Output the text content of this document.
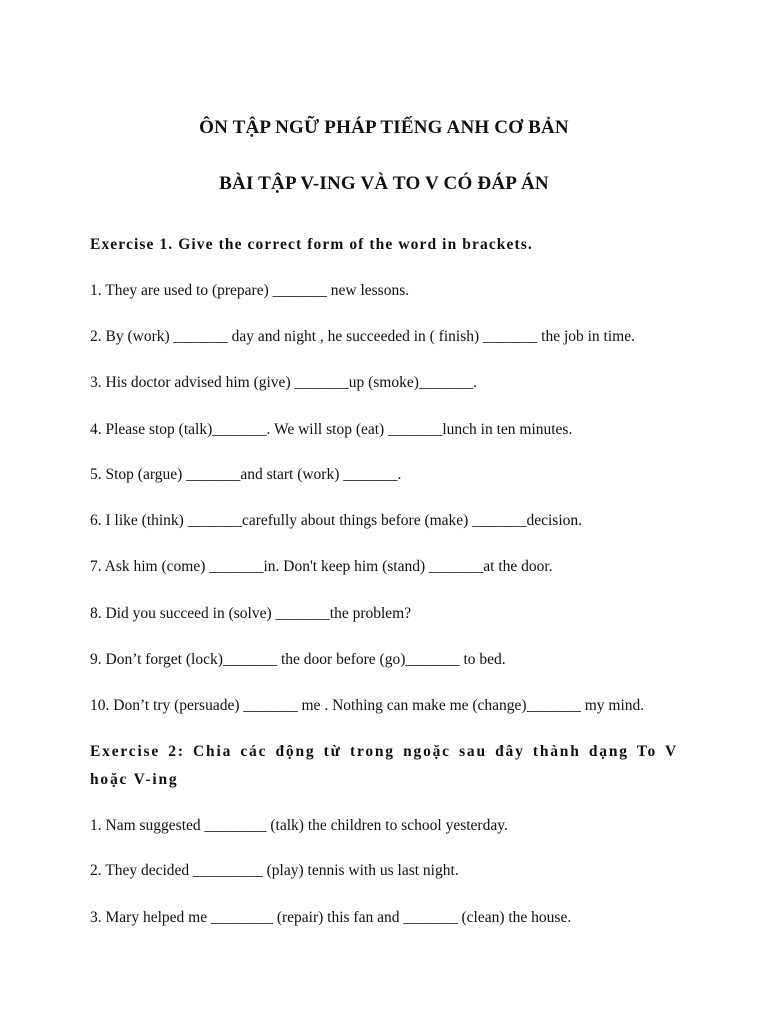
ÔN TẬP NGỮ PHÁP TIẾNG ANH CƠ BẢN
BÀI TẬP V-ING VÀ TO V CÓ ĐÁP ÁN
Exercise 1. Give the correct form of the word in brackets.
1. They are used to (prepare) _______ new lessons.
2. By (work) _______ day and night , he succeeded in ( finish) _______ the job in time.
3. His doctor advised him (give) _______up (smoke)_______.
4. Please stop (talk)_______. We will stop (eat) _______lunch in ten minutes.
5. Stop (argue) _______and start (work) _______.
6. I like (think) _______carefully about things before (make) _______decision.
7. Ask him (come) _______in. Don't keep him (stand) _______at the door.
8. Did you succeed in (solve) _______the problem?
9. Don’t forget (lock)_______ the door before (go)_______ to bed.
10. Don’t try (persuade) _______ me . Nothing can make me (change)_______ my mind.
Exercise 2: Chia các động từ trong ngoặc sau đây thành dạng To V hoặc V-ing
1. Nam suggested ________ (talk) the children to school yesterday.
2. They decided _________ (play) tennis with us last night.
3. Mary helped me ________ (repair) this fan and _______ (clean) the house.
